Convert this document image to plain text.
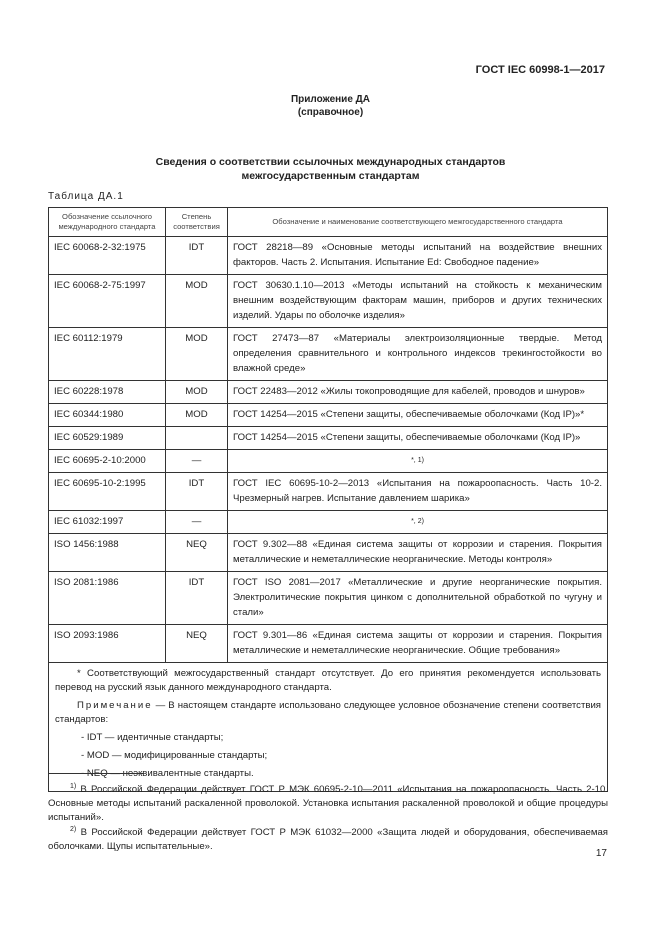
ГОСТ IEC 60998-1—2017
Приложение ДА
(справочное)
Сведения о соответствии ссылочных международных стандартов
межгосударственным стандартам
Таблица ДА.1
Обозначение ссылочного международного стандарта	Степень соответствия	Обозначение и наименование соответствующего межгосударственного стандарта
IEC 60068-2-32:1975	IDT	ГОСТ 28218—89 «Основные методы испытаний на воздействие внешних факторов. Часть 2. Испытания. Испытание Ed: Свободное падение»
IEC 60068-2-75:1997	MOD	ГОСТ 30630.1.10—2013 «Методы испытаний на стойкость к механическим внешним воздействующим факторам машин, приборов и других технических изделий. Удары по оболочке изделия»
IEC 60112:1979	MOD	ГОСТ 27473—87 «Материалы электроизоляционные твердые. Метод определения сравнительного и контрольного индексов трекингостойкости во влажной среде»
IEC 60228:1978	MOD	ГОСТ 22483—2012 «Жилы токопроводящие для кабелей, проводов и шнуров»
IEC 60344:1980	MOD	ГОСТ 14254—2015 «Степени защиты, обеспечиваемые оболочками (Код IP)»*
IEC 60529:1989		ГОСТ 14254—2015 «Степени защиты, обеспечиваемые оболочками (Код IP)»
IEC 60695-2-10:2000	—	*, 1)
IEC 60695-10-2:1995	IDT	ГОСТ IEC 60695-10-2—2013 «Испытания на пожароопасность. Часть 10-2. Чрезмерный нагрев. Испытание давлением шарика»
IEC 61032:1997	—	*, 2)
ISO 1456:1988	NEQ	ГОСТ 9.302—88 «Единая система защиты от коррозии и старения. Покрытия металлические и неметаллические неорганические. Методы контроля»
ISO 2081:1986	IDT	ГОСТ ISO 2081—2017 «Металлические и другие неорганические покрытия. Электролитические покрытия цинком с дополнительной обработкой по чугуну и стали»
ISO 2093:1986	NEQ	ГОСТ 9.301—86 «Единая система защиты от коррозии и старения. Покрытия металлические и неметаллические неорганические. Общие требования»

* Соответствующий межгосударственный стандарт отсутствует. До его принятия рекомендуется использовать перевод на русский язык данного международного стандарта.

Примечание — В настоящем стандарте использовано следующее условное обозначение степени соответствия стандартов:

- IDT — идентичные стандарты;

- MOD — модифицированные стандарты;

- NEQ — неэквивалентные стандарты.		

$^{1)}$ В Российской Федерации действует ГОСТ Р МЭК 60695-2-10—2011 «Испытания на пожароопасность. Часть 2-10. Основные методы испытаний раскаленной проволокой. Установка испытания раскаленной проволокой и общие процедуры испытаний».
$^{2)}$ В Российской Федерации действует ГОСТ Р МЭК 61032—2000 «Защита людей и оборудования, обеспечиваемая оболочками. Щупы испытательные».
17
